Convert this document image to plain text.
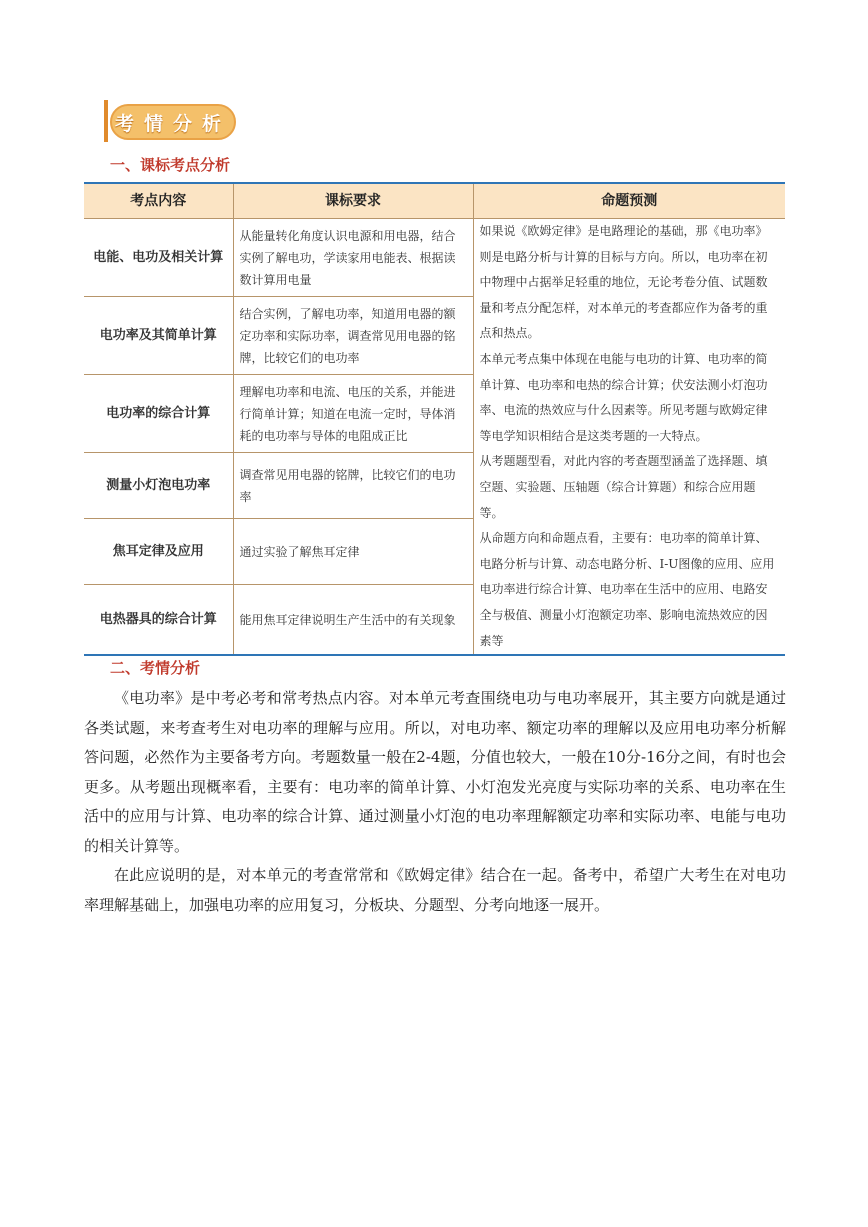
考情分析
一、课标考点分析
考点内容	课标要求	命题预测
电能、电功及相关计算	从能量转化角度认识电源和用电器，结合实例了解电功，学读家用电能表、根据读数计算用电量	如果说《欧姆定律》是电路理论的基础，那《电功率》则是电路分析与计算的目标与方向。所以，电功率在初中物理中占据举足轻重的地位，无论考卷分值、试题数量和考点分配怎样，对本单元的考查都应作为备考的重点和热点。

本单元考点集中体现在电能与电功的计算、电功率的简单计算、电功率和电热的综合计算；伏安法测小灯泡功率、电流的热效应与什么因素等。所见考题与欧姆定律等电学知识相结合是这类考题的一大特点。

从考题题型看，对此内容的考查题型涵盖了选择题、填空题、实验题、压轴题（综合计算题）和综合应用题等。

从命题方向和命题点看，主要有：电功率的简单计算、电路分析与计算、动态电路分析、I-U图像的应用、应用电功率进行综合计算、电功率在生活中的应用、电路安全与极值、测量小灯泡额定功率、影响电流热效应的因素等

电功率及其简单计算	结合实例，了解电功率，知道用电器的额定功率和实际功率，调查常见用电器的铭牌，比较它们的电功率	
电功率的综合计算	理解电功率和电流、电压的关系，并能进行简单计算；知道在电流一定时，导体消耗的电功率与导体的电阻成正比	
测量小灯泡电功率	调查常见用电器的铭牌，比较它们的电功率	
焦耳定律及应用	通过实验了解焦耳定律	
电热器具的综合计算	能用焦耳定律说明生产生活中的有关现象	
二、考情分析

《电功率》是中考必考和常考热点内容。对本单元考查围绕电功与电功率展开，其主要方向就是通过各类试题，来考查考生对电功率的理解与应用。所以，对电功率、额定功率的理解以及应用电功率分析解答问题，必然作为主要备考方向。考题数量一般在2-4题，分值也较大，一般在10分-16分之间，有时也会更多。从考题出现概率看，主要有：电功率的简单计算、小灯泡发光亮度与实际功率的关系、电功率在生活中的应用与计算、电功率的综合计算、通过测量小灯泡的电功率理解额定功率和实际功率、电能与电功的相关计算等。

在此应说明的是，对本单元的考查常常和《欧姆定律》结合在一起。备考中，希望广大考生在对电功率理解基础上，加强电功率的应用复习，分板块、分题型、分考向地逐一展开。
